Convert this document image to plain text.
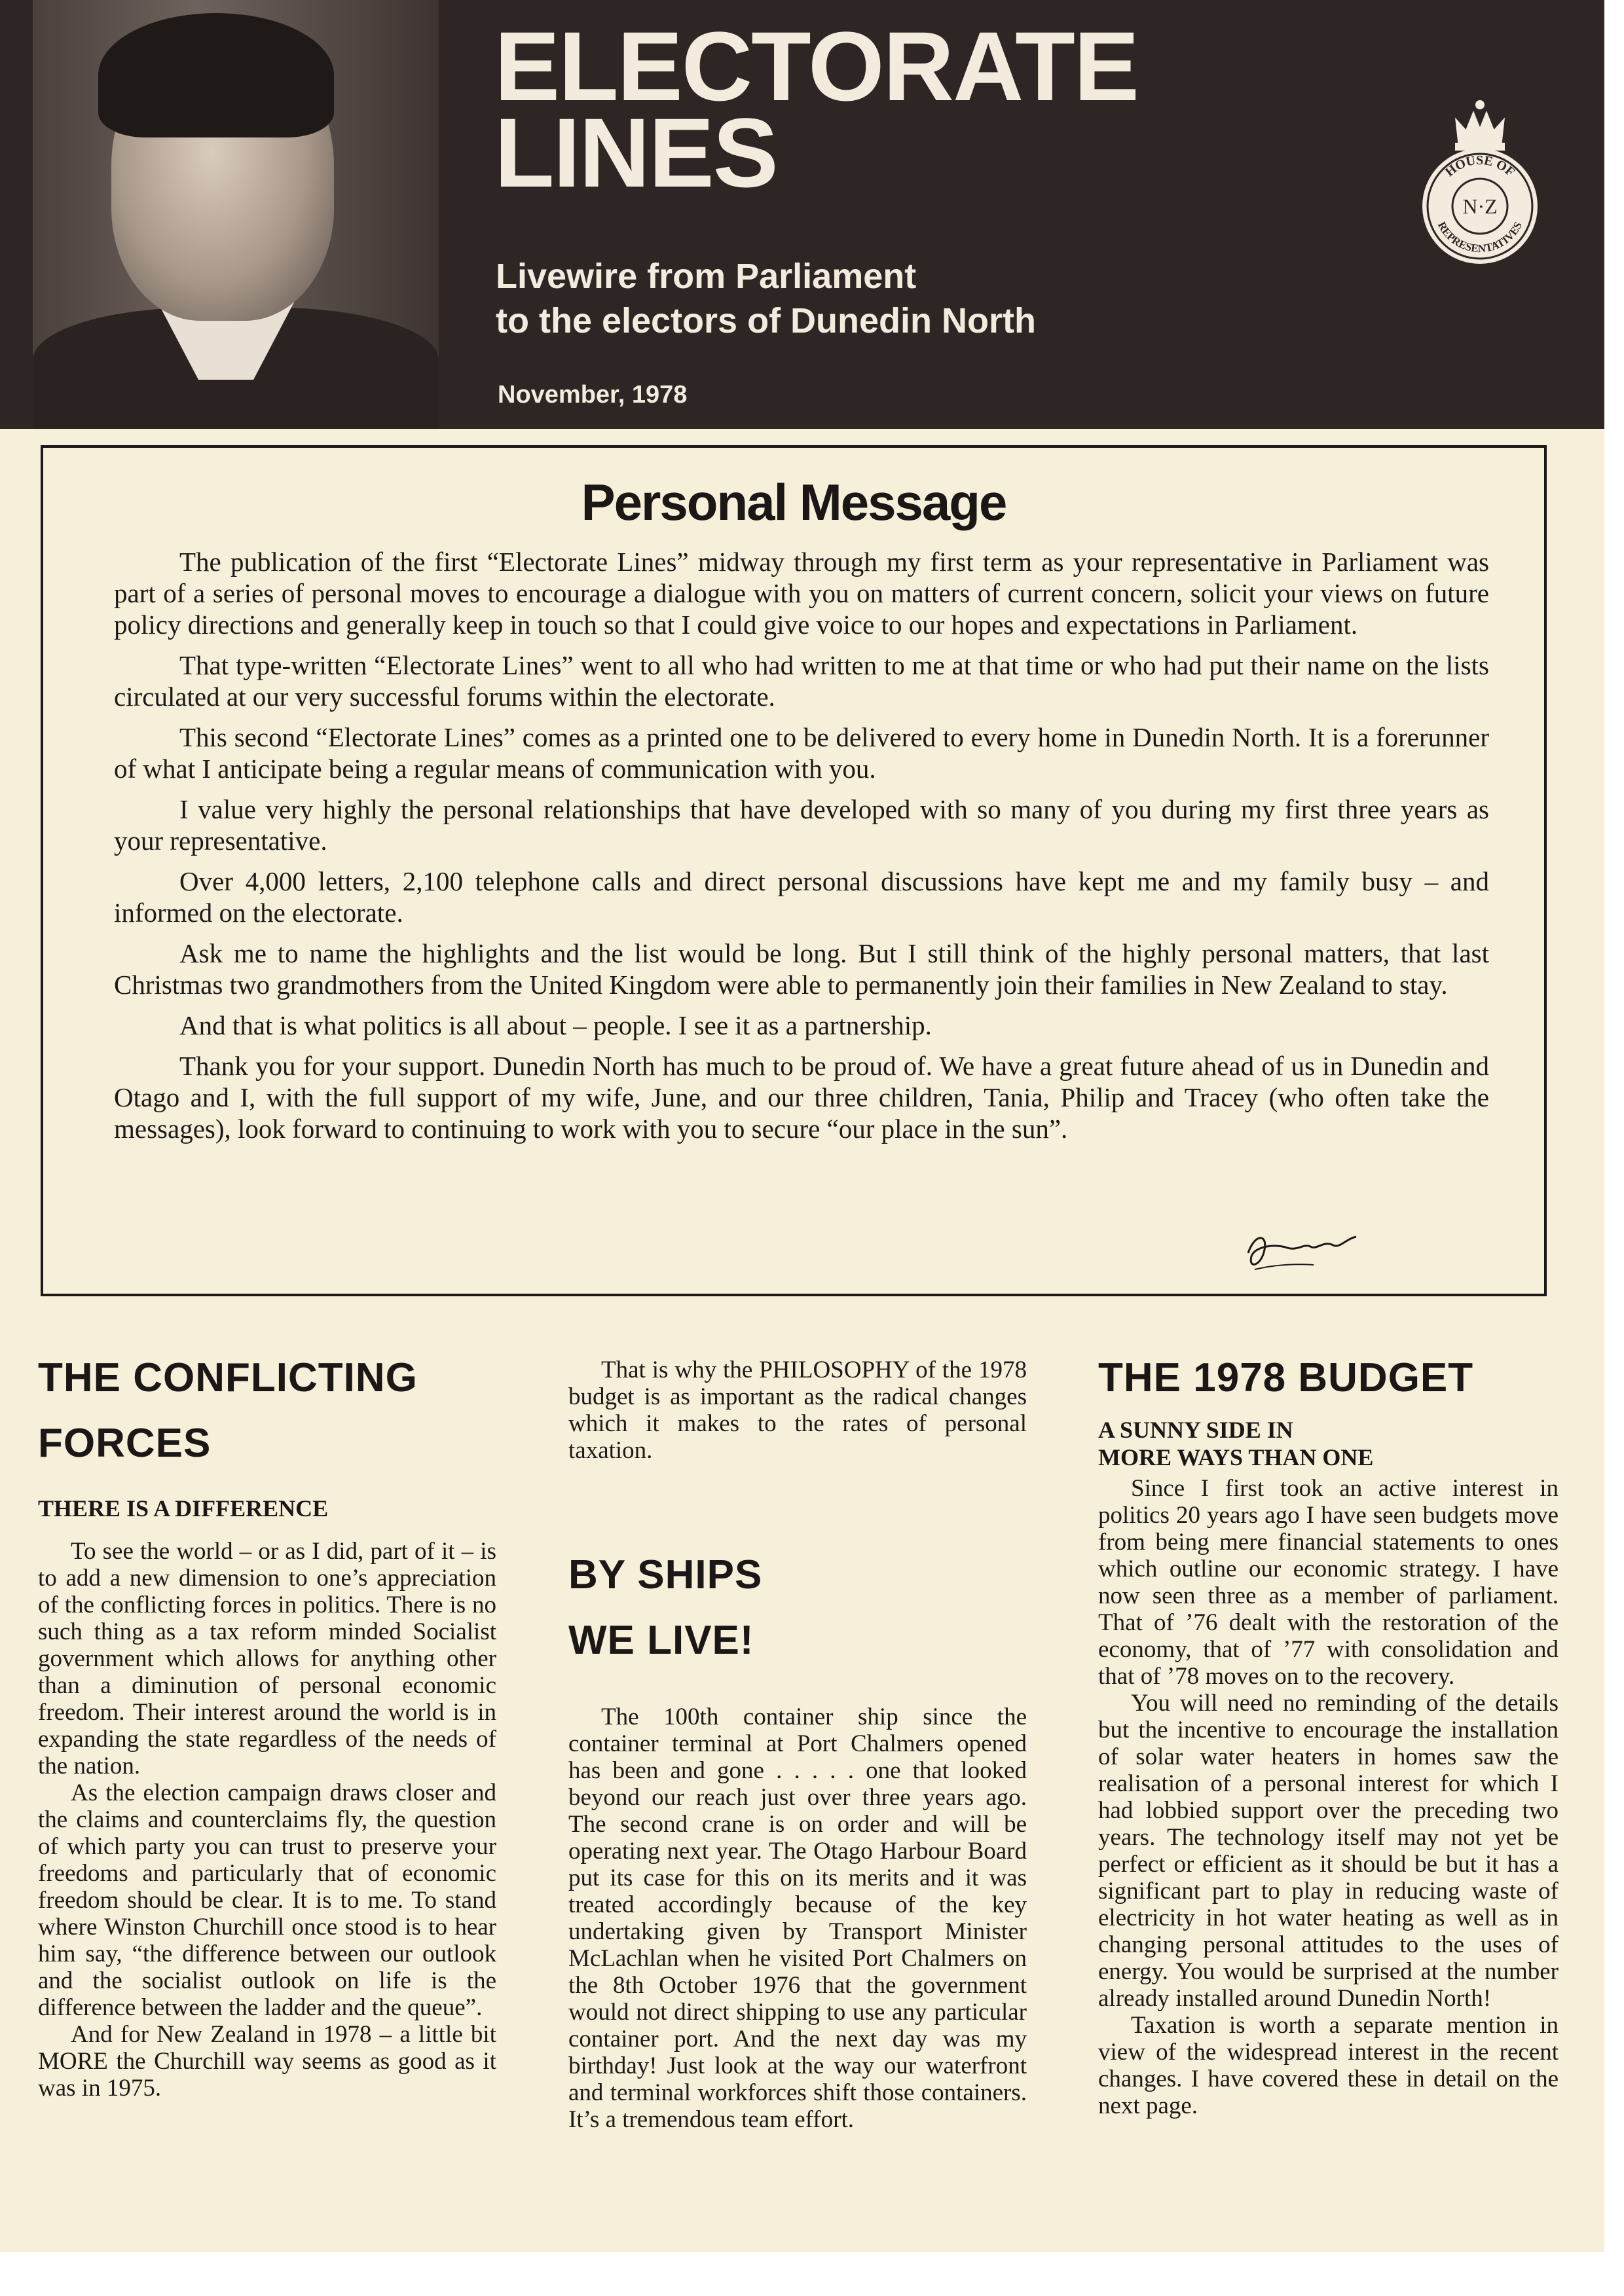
ELECTORATE
LINES
Livewire from Parliament
to the electors of Dunedin North
November, 1978
HOUSE OF
REPRESENTATIVES
N·Z
Personal Message

The publication of the first “Electorate Lines” midway through my first term as your representative in Parliament was part of a series of personal moves to encourage a dialogue with you on matters of current concern, solicit your views on future policy directions and generally keep in touch so that I could give voice to our hopes and expectations in Parliament.

That type-written “Electorate Lines” went to all who had written to me at that time or who had put their name on the lists circulated at our very successful forums within the electorate.

This second “Electorate Lines” comes as a printed one to be delivered to every home in Dunedin North. It is a forerunner of what I anticipate being a regular means of communication with you.

I value very highly the personal relationships that have developed with so many of you during my first three years as your representative.

Over 4,000 letters, 2,100 telephone calls and direct personal discussions have kept me and my family busy – and informed on the electorate.

Ask me to name the highlights and the list would be long. But I still think of the highly personal matters, that last Christmas two grandmothers from the United Kingdom were able to permanently join their families in New Zealand to stay.

And that is what politics is all about – people. I see it as a partnership.

Thank you for your support. Dunedin North has much to be proud of. We have a great future ahead of us in Dunedin and Otago and I, with the full support of my wife, June, and our three children, Tania, Philip and Tracey (who often take the messages), look forward to continuing to work with you to secure “our place in the sun”.

THE CONFLICTING
FORCES
THERE IS A DIFFERENCE

To see the world – or as I did, part of it – is to add a new dimension to one’s appreciation of the conflicting forces in politics. There is no such thing as a tax reform minded Socialist government which allows for anything other than a diminution of personal economic freedom. Their interest around the world is in expanding the state regardless of the needs of the nation.

As the election campaign draws closer and the claims and counterclaims fly, the question of which party you can trust to preserve your freedoms and particularly that of economic freedom should be clear. It is to me. To stand where Winston Churchill once stood is to hear him say, “the difference between our outlook and the socialist outlook on life is the difference between the ladder and the queue”.

And for New Zealand in 1978 – a little bit MORE the Churchill way seems as good as it was in 1975.

That is why the PHILOSOPHY of the 1978 budget is as important as the radical changes which it makes to the rates of personal taxation.

BY SHIPS
WE LIVE!

The 100th container ship since the container terminal at Port Chalmers opened has been and gone . . . . . one that looked beyond our reach just over three years ago. The second crane is on order and will be operating next year. The Otago Harbour Board put its case for this on its merits and it was treated accordingly because of the key undertaking given by Transport Minister McLachlan when he visited Port Chalmers on the 8th October 1976 that the government would not direct shipping to use any particular container port. And the next day was my birthday! Just look at the way our waterfront and terminal workforces shift those containers. It’s a tremendous team effort.

THE 1978 BUDGET
A SUNNY SIDE IN
MORE WAYS THAN ONE

Since I first took an active interest in politics 20 years ago I have seen budgets move from being mere financial statements to ones which outline our economic strategy. I have now seen three as a member of parliament. That of ’76 dealt with the restoration of the economy, that of ’77 with consolidation and that of ’78 moves on to the recovery.

You will need no reminding of the details but the incentive to encourage the installation of solar water heaters in homes saw the realisation of a personal interest for which I had lobbied support over the preceding two years. The technology itself may not yet be perfect or efficient as it should be but it has a significant part to play in reducing waste of electricity in hot water heating as well as in changing personal attitudes to the uses of energy. You would be surprised at the number already installed around Dunedin North!

Taxation is worth a separate mention in view of the widespread interest in the recent changes. I have covered these in detail on the next page.
